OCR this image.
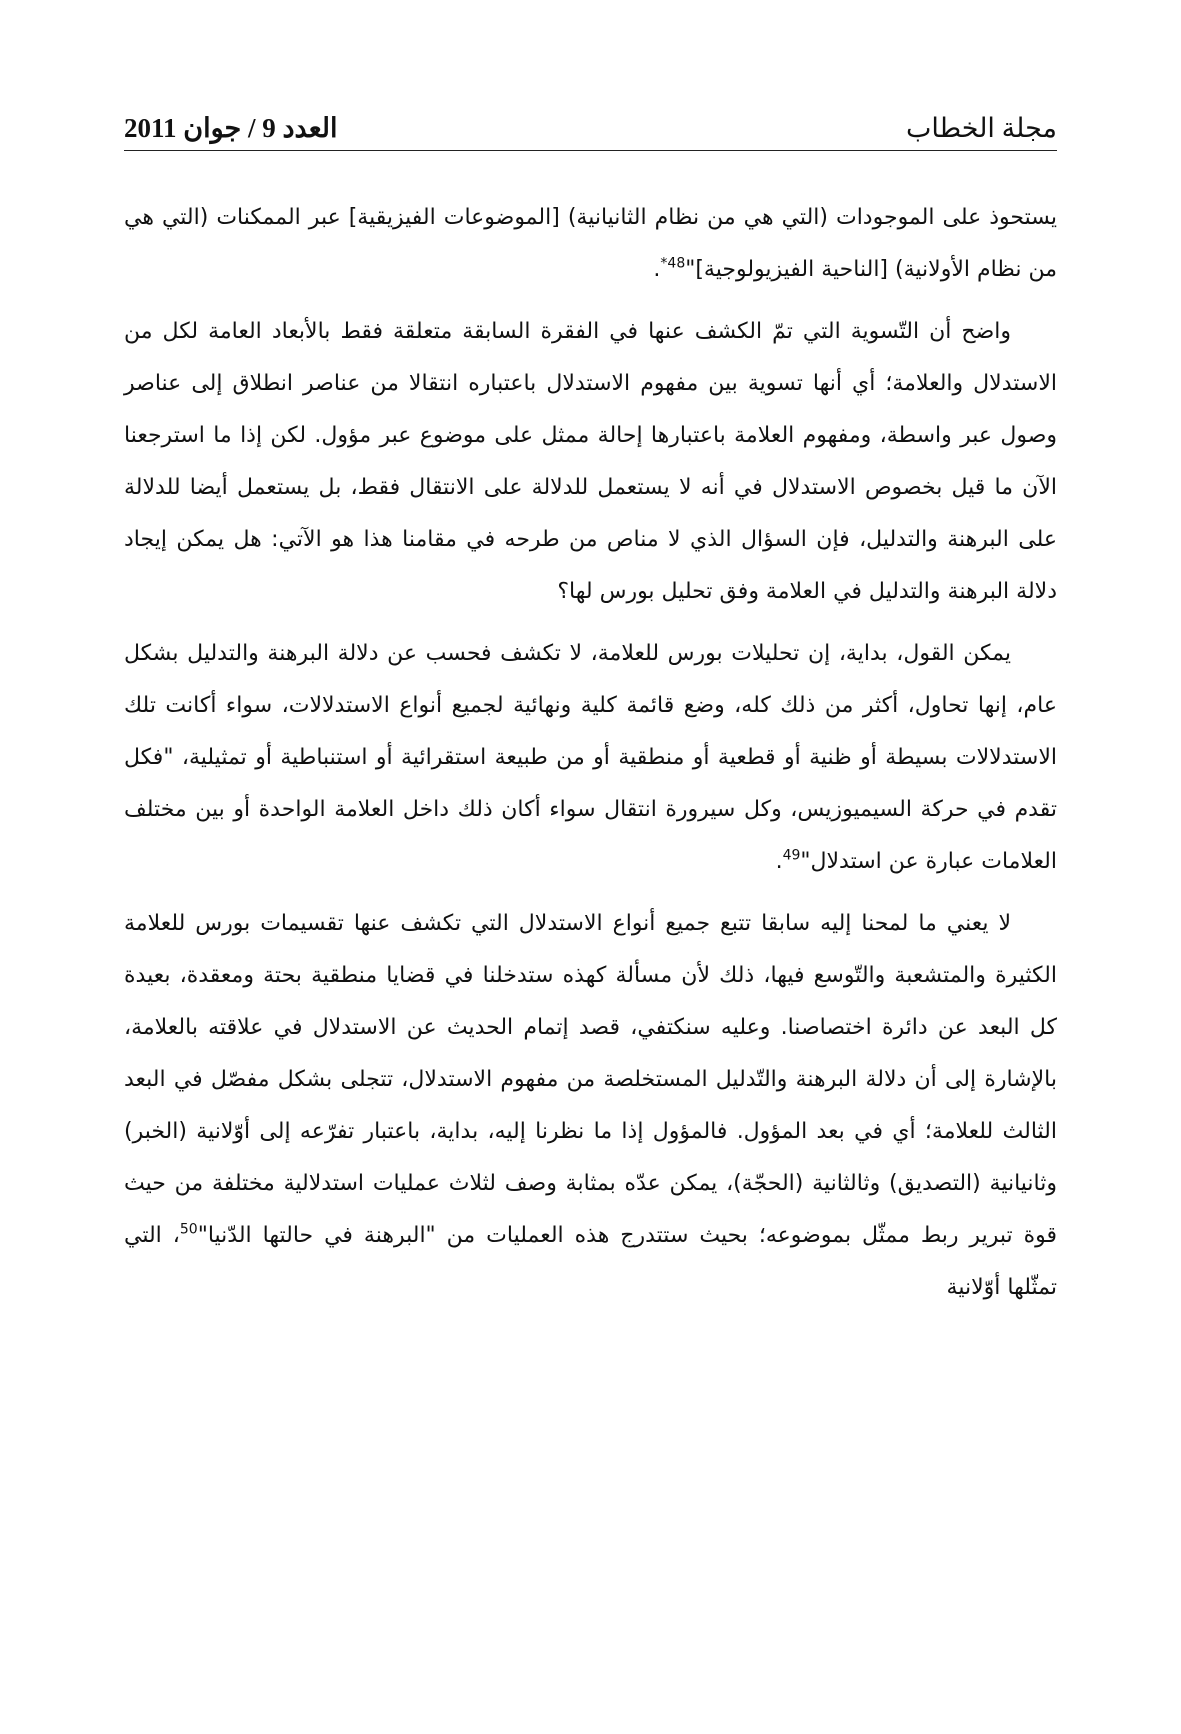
العدد 9 / جوان 2011	مجلة الخطاب

يستحوذ على الموجودات (التي هي من نظام الثانيانية) [الموضوعات الفيزيقية] عبر الممكنات (التي هي من نظام الأولانية) [الناحية الفيزيولوجية]"$^{48*}$.

واضح أن التّسوية التي تمّ الكشف عنها في الفقرة السابقة متعلقة فقط بالأبعاد العامة لكل من الاستدلال والعلامة؛ أي أنها تسوية بين مفهوم الاستدلال باعتباره انتقالا من عناصر انطلاق إلى عناصر وصول عبر واسطة، ومفهوم العلامة باعتبارها إحالة ممثل على موضوع عبر مؤول. لكن إذا ما استرجعنا الآن ما قيل بخصوص الاستدلال في أنه لا يستعمل للدلالة على الانتقال فقط، بل يستعمل أيضا للدلالة على البرهنة والتدليل، فإن السؤال الذي لا مناص من طرحه في مقامنا هذا هو الآتي: هل يمكن إيجاد دلالة البرهنة والتدليل في العلامة وفق تحليل بورس لها؟

يمكن القول، بداية، إن تحليلات بورس للعلامة، لا تكشف فحسب عن دلالة البرهنة والتدليل بشكل عام، إنها تحاول، أكثر من ذلك كله، وضع قائمة كلية ونهائية لجميع أنواع الاستدلالات، سواء أكانت تلك الاستدلالات بسيطة أو ظنية أو قطعية أو منطقية أو من طبيعة استقرائية أو استنباطية أو تمثيلية، "فكل تقدم في حركة السيميوزيس، وكل سيرورة انتقال سواء أكان ذلك داخل العلامة الواحدة أو بين مختلف العلامات عبارة عن استدلال"$^{49}$.

لا يعني ما لمحنا إليه سابقا تتبع جميع أنواع الاستدلال التي تكشف عنها تقسيمات بورس للعلامة الكثيرة والمتشعبة والتّوسع فيها، ذلك لأن مسألة كهذه ستدخلنا في قضايا منطقية بحتة ومعقدة، بعيدة كل البعد عن دائرة اختصاصنا. وعليه سنكتفي، قصد إتمام الحديث عن الاستدلال في علاقته بالعلامة، بالإشارة إلى أن دلالة البرهنة والتّدليل المستخلصة من مفهوم الاستدلال، تتجلى بشكل مفصّل في البعد الثالث للعلامة؛ أي في بعد المؤول. فالمؤول إذا ما نظرنا إليه، بداية، باعتبار تفرّعه إلى أوّلانية (الخبر) وثانيانية (التصديق) وثالثانية (الحجّة)، يمكن عدّه بمثابة وصف لثلاث عمليات استدلالية مختلفة من حيث قوة تبرير ربط ممثّل بموضوعه؛ بحيث ستتدرج هذه العمليات من "البرهنة في حالتها الدّنيا"$^{50}$، التي تمثّلها أوّلانية
